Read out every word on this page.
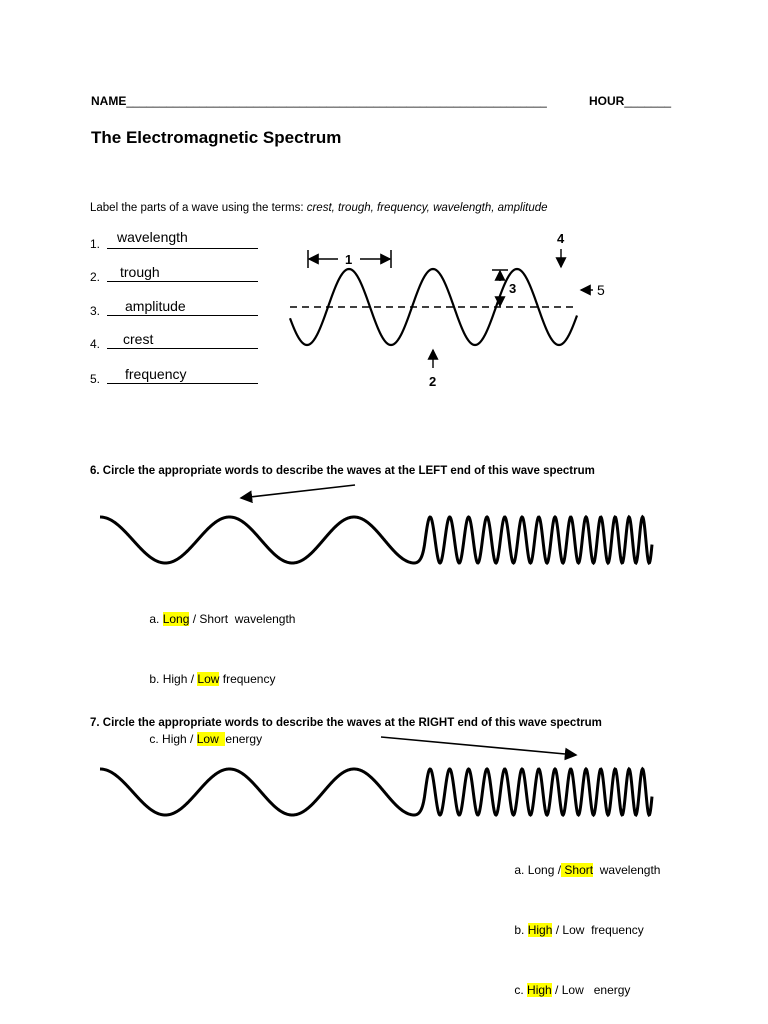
NAME_______________________________________________________________	HOUR_______
The Electromagnetic Spectrum
Label the parts of a wave using the terms: crest, trough, frequency, wavelength, amplitude
1. wavelength
2. trough
3. amplitude
4. crest
5. frequency
1
2
3
4
5
6. Circle the appropriate words to describe the waves at the LEFT end of this wave spectrum

a. Long / Short  wavelength

b. High / Low frequency

c. High / Low  energy

7. Circle the appropriate words to describe the waves at the RIGHT end of this wave spectrum

a. Long / Short  wavelength

b. High / Low  frequency

c. High / Low   energy
